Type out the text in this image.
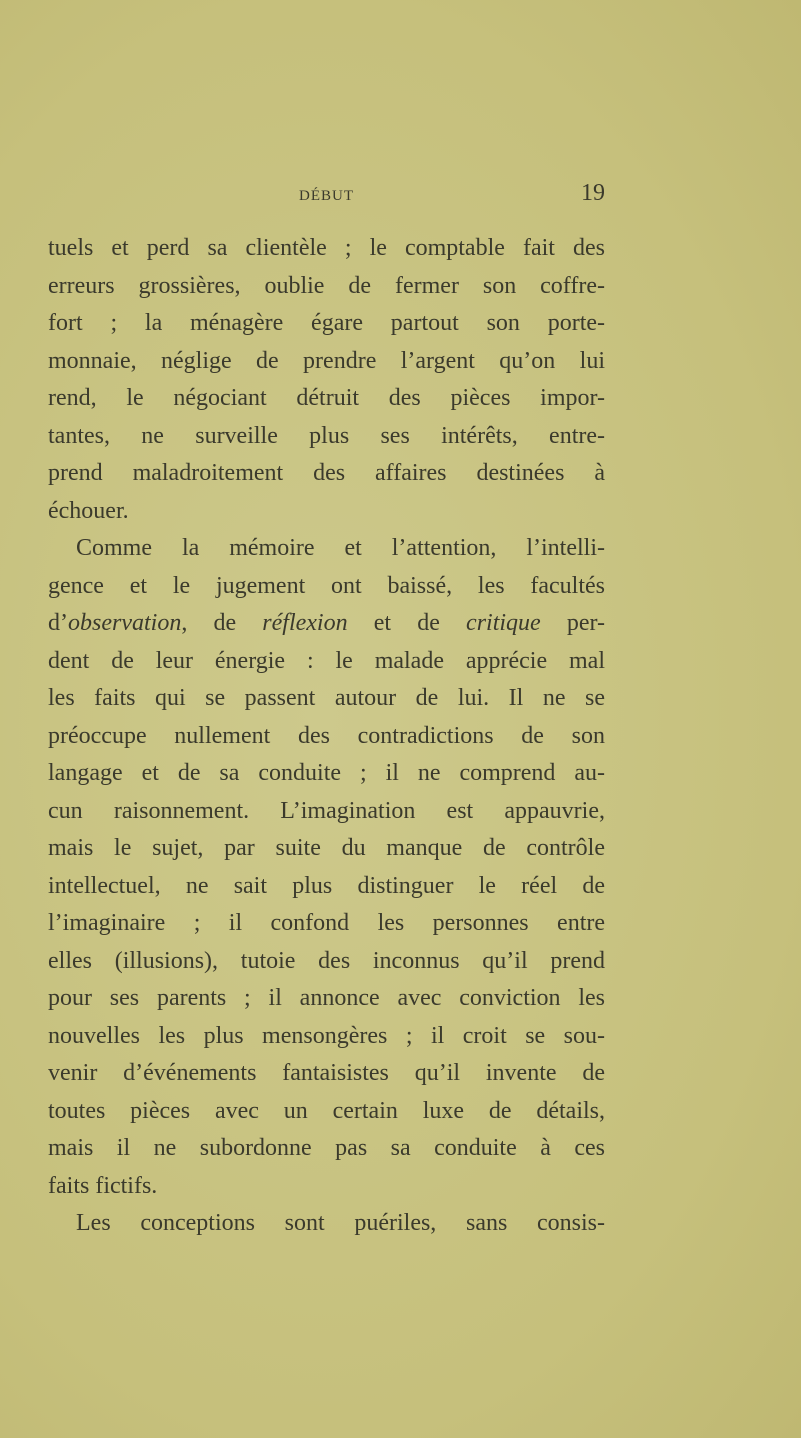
DÉBUT	19
tuels et perd sa clientèle ; le comptable fait des
erreurs grossières, oublie de fermer son coffre-
fort ; la ménagère égare partout son porte-
monnaie, néglige de prendre l’argent qu’on lui
rend, le négociant détruit des pièces impor-
tantes, ne surveille plus ses intérêts, entre-
prend maladroitement des affaires destinées à
échouer.
Comme la mémoire et l’attention, l’intelli-
gence et le jugement ont baissé, les facultés
d’observation, de réflexion et de critique per-
dent de leur énergie : le malade apprécie mal
les faits qui se passent autour de lui. Il ne se
préoccupe nullement des contradictions de son
langage et de sa conduite ; il ne comprend au-
cun raisonnement. L’imagination est appauvrie,
mais le sujet, par suite du manque de contrôle
intellectuel, ne sait plus distinguer le réel de
l’imaginaire ; il confond les personnes entre
elles (illusions), tutoie des inconnus qu’il prend
pour ses parents ; il annonce avec conviction les
nouvelles les plus mensongères ; il croit se sou-
venir d’événements fantaisistes qu’il invente de
toutes pièces avec un certain luxe de détails,
mais il ne subordonne pas sa conduite à ces
faits fictifs.
Les conceptions sont puériles, sans consis-
